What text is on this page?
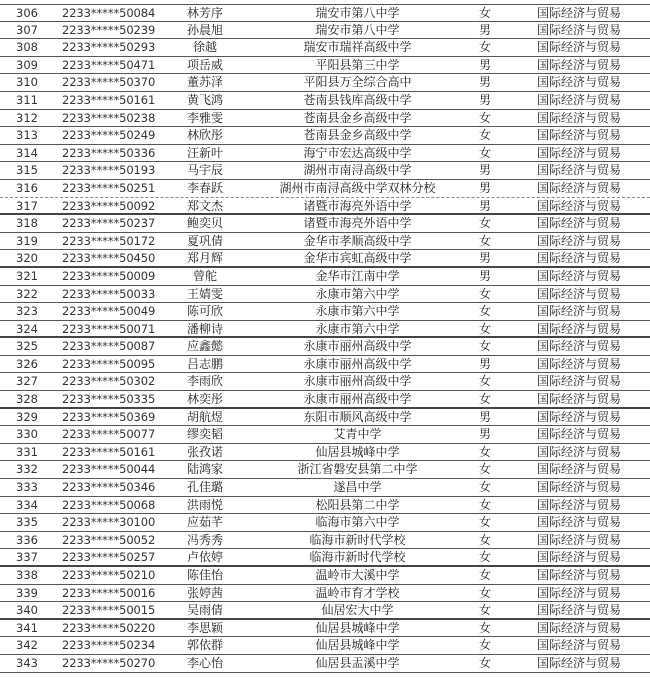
306	2233*****50084	林芳序	瑞安市第八中学	女	国际经济与贸易
307	2233*****50239	孙晨旭	瑞安市第八中学	男	国际经济与贸易
308	2233*****50293	徐越	瑞安市瑞祥高级中学	女	国际经济与贸易
309	2233*****50471	项岳威	平阳县第三中学	男	国际经济与贸易
310	2233*****50370	董苏泽	平阳县万全综合高中	男	国际经济与贸易
311	2233*****50161	黄飞鸿	苍南县钱库高级中学	男	国际经济与贸易
312	2233*****50238	李雅雯	苍南县金乡高级中学	女	国际经济与贸易
313	2233*****50249	林欣彤	苍南县金乡高级中学	女	国际经济与贸易
314	2233*****50336	汪新叶	海宁市宏达高级中学	女	国际经济与贸易
315	2233*****50193	马宇辰	湖州市南浔高级中学	男	国际经济与贸易
316	2233*****50251	李春跃	湖州市南浔高级中学双林分校	男	国际经济与贸易
317	2233*****50092	郑文杰	诸暨市海亮外语中学	男	国际经济与贸易
318	2233*****50237	鲍奕贝	诸暨市海亮外语中学	女	国际经济与贸易
319	2233*****50172	夏巩倩	金华市孝顺高级中学	女	国际经济与贸易
320	2233*****50450	郑月辉	金华市宾虹高级中学	男	国际经济与贸易
321	2233*****50009	曾舵	金华市江南中学	男	国际经济与贸易
322	2233*****50033	王婧雯	永康市第六中学	女	国际经济与贸易
323	2233*****50049	陈可欣	永康市第六中学	女	国际经济与贸易
324	2233*****50071	潘柳诗	永康市第六中学	女	国际经济与贸易
325	2233*****50087	应鑫懿	永康市丽州高级中学	女	国际经济与贸易
326	2233*****50095	吕志鹏	永康市丽州高级中学	男	国际经济与贸易
327	2233*****50302	李雨欣	永康市丽州高级中学	女	国际经济与贸易
328	2233*****50335	林奕彤	永康市丽州高级中学	女	国际经济与贸易
329	2233*****50369	胡航煜	东阳市顺风高级中学	男	国际经济与贸易
330	2233*****50077	缪奕韬	艾青中学	男	国际经济与贸易
331	2233*****50161	张孜诺	仙居县城峰中学	女	国际经济与贸易
332	2233*****50044	陆鸿家	浙江省磐安县第二中学	女	国际经济与贸易
333	2233*****50346	孔佳璐	遂昌中学	女	国际经济与贸易
334	2233*****50068	洪雨悦	松阳县第二中学	女	国际经济与贸易
335	2233*****30100	应茹芊	临海市第六中学	女	国际经济与贸易
336	2233*****50052	冯秀秀	临海市新时代学校	女	国际经济与贸易
337	2233*****50257	卢依婷	临海市新时代学校	女	国际经济与贸易
338	2233*****50210	陈佳怡	温岭市大溪中学	女	国际经济与贸易
339	2233*****50016	张婷茜	温岭市育才学校	女	国际经济与贸易
340	2233*****50015	吴雨倩	仙居宏大中学	女	国际经济与贸易
341	2233*****50220	李思颖	仙居县城峰中学	女	国际经济与贸易
342	2233*****50234	郭依群	仙居县城峰中学	女	国际经济与贸易
343	2233*****50270	李心怡	仙居县盂溪中学	女	国际经济与贸易
